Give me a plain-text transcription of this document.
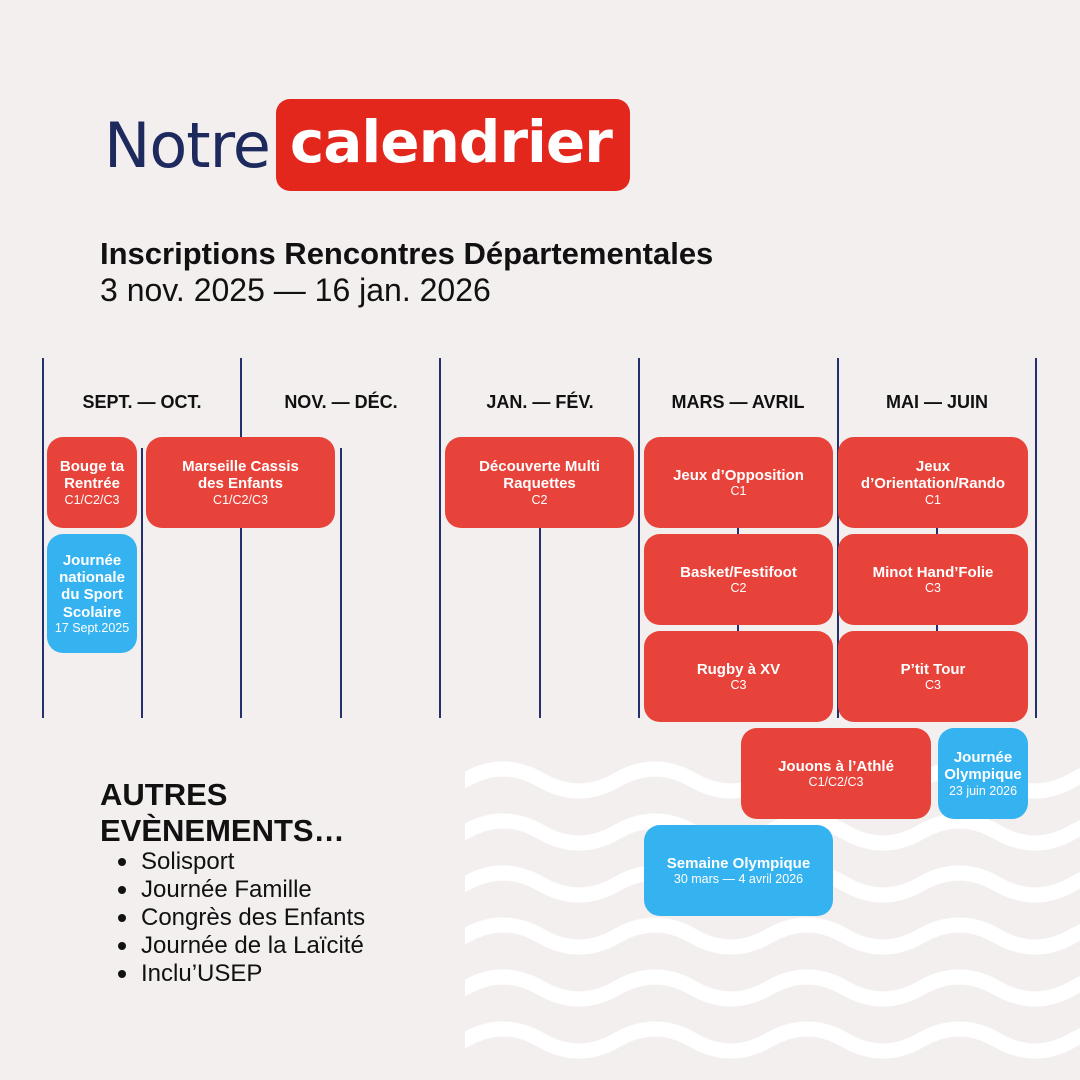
Notre calendrier
Inscriptions Rencontres Départementales
3 nov. 2025 — 16 jan. 2026
SEPT. — OCT.	NOV. — DÉC.	JAN. — FÉV.	MARS — AVRIL	MAI — JUIN
Bouge ta Rentrée
C1/C2/C3
Journée nationale du Sport Scolaire
17 Sept.2025
Marseille Cassis des Enfants
C1/C2/C3
Découverte Multi Raquettes
C2
Jeux d’Opposition
C1
Basket/Festifoot
C2
Rugby à XV
C3
Jeux d’Orientation/Rando
C1
Minot Hand’Folie
C3
P’tit Tour
C3
Jouons à l’Athlé
C1/C2/C3
Journée Olympique
23 juin 2026
Semaine Olympique
30 mars — 4 avril 2026
AUTRES EVÈNEMENTS…
Solisport
Journée Famille
Congrès des Enfants
Journée de la Laïcité
Inclu’USEP
